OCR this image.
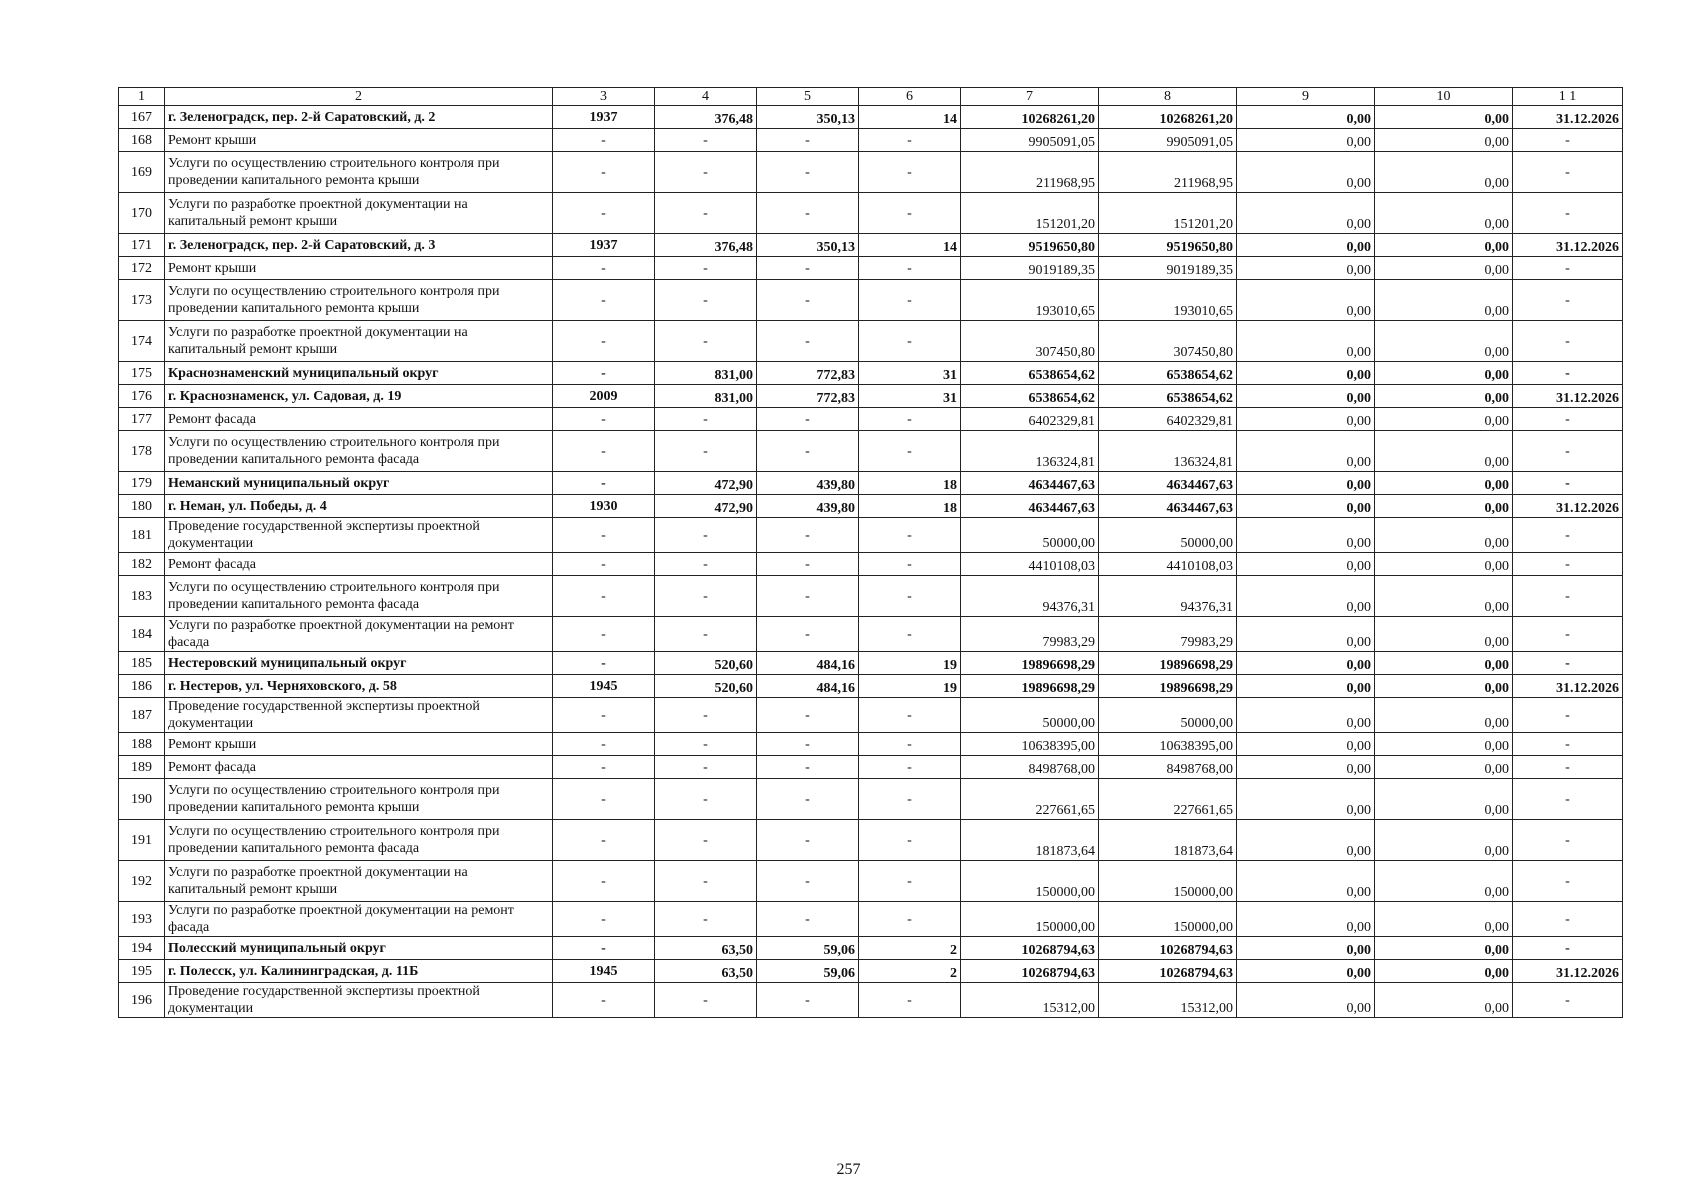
1	2	3	4	5	6	7	8	9	10	1 1
167	г. Зеленоградск, пер. 2-й Саратовский, д. 2	1937	376,48	350,13	14	10268261,20	10268261,20	0,00	0,00	31.12.2026
168	Ремонт крыши	-	-	-	-	9905091,05	9905091,05	0,00	0,00	-
169	Услуги по осуществлению строительного контроля при проведении капитального ремонта крыши	-	-	-	-	211968,95	211968,95	0,00	0,00	-
170	Услуги по разработке проектной документации на капитальный ремонт крыши	-	-	-	-	151201,20	151201,20	0,00	0,00	-
171	г. Зеленоградск, пер. 2-й Саратовский, д. 3	1937	376,48	350,13	14	9519650,80	9519650,80	0,00	0,00	31.12.2026
172	Ремонт крыши	-	-	-	-	9019189,35	9019189,35	0,00	0,00	-
173	Услуги по осуществлению строительного контроля при проведении капитального ремонта крыши	-	-	-	-	193010,65	193010,65	0,00	0,00	-
174	Услуги по разработке проектной документации на капитальный ремонт крыши	-	-	-	-	307450,80	307450,80	0,00	0,00	-
175	Краснознаменский муниципальный округ	-	831,00	772,83	31	6538654,62	6538654,62	0,00	0,00	-
176	г. Краснознаменск, ул. Садовая, д. 19	2009	831,00	772,83	31	6538654,62	6538654,62	0,00	0,00	31.12.2026
177	Ремонт фасада	-	-	-	-	6402329,81	6402329,81	0,00	0,00	-
178	Услуги по осуществлению строительного контроля при проведении капитального ремонта фасада	-	-	-	-	136324,81	136324,81	0,00	0,00	-
179	Неманский муниципальный округ	-	472,90	439,80	18	4634467,63	4634467,63	0,00	0,00	-
180	г. Неман, ул. Победы, д. 4	1930	472,90	439,80	18	4634467,63	4634467,63	0,00	0,00	31.12.2026
181	Проведение государственной экспертизы проектной документации	-	-	-	-	50000,00	50000,00	0,00	0,00	-
182	Ремонт фасада	-	-	-	-	4410108,03	4410108,03	0,00	0,00	-
183	Услуги по осуществлению строительного контроля при проведении капитального ремонта фасада	-	-	-	-	94376,31	94376,31	0,00	0,00	-
184	Услуги по разработке проектной документации на ремонт фасада	-	-	-	-	79983,29	79983,29	0,00	0,00	-
185	Нестеровский муниципальный округ	-	520,60	484,16	19	19896698,29	19896698,29	0,00	0,00	-
186	г. Нестеров, ул. Черняховского, д. 58	1945	520,60	484,16	19	19896698,29	19896698,29	0,00	0,00	31.12.2026
187	Проведение государственной экспертизы проектной документации	-	-	-	-	50000,00	50000,00	0,00	0,00	-
188	Ремонт крыши	-	-	-	-	10638395,00	10638395,00	0,00	0,00	-
189	Ремонт фасада	-	-	-	-	8498768,00	8498768,00	0,00	0,00	-
190	Услуги по осуществлению строительного контроля при проведении капитального ремонта крыши	-	-	-	-	227661,65	227661,65	0,00	0,00	-
191	Услуги по осуществлению строительного контроля при проведении капитального ремонта фасада	-	-	-	-	181873,64	181873,64	0,00	0,00	-
192	Услуги по разработке проектной документации на капитальный ремонт крыши	-	-	-	-	150000,00	150000,00	0,00	0,00	-
193	Услуги по разработке проектной документации на ремонт фасада	-	-	-	-	150000,00	150000,00	0,00	0,00	-
194	Полесский муниципальный округ	-	63,50	59,06	2	10268794,63	10268794,63	0,00	0,00	-
195	г. Полесск, ул. Калининградская, д. 11Б	1945	63,50	59,06	2	10268794,63	10268794,63	0,00	0,00	31.12.2026
196	Проведение государственной экспертизы проектной документации	-	-	-	-	15312,00	15312,00	0,00	0,00	-
257
